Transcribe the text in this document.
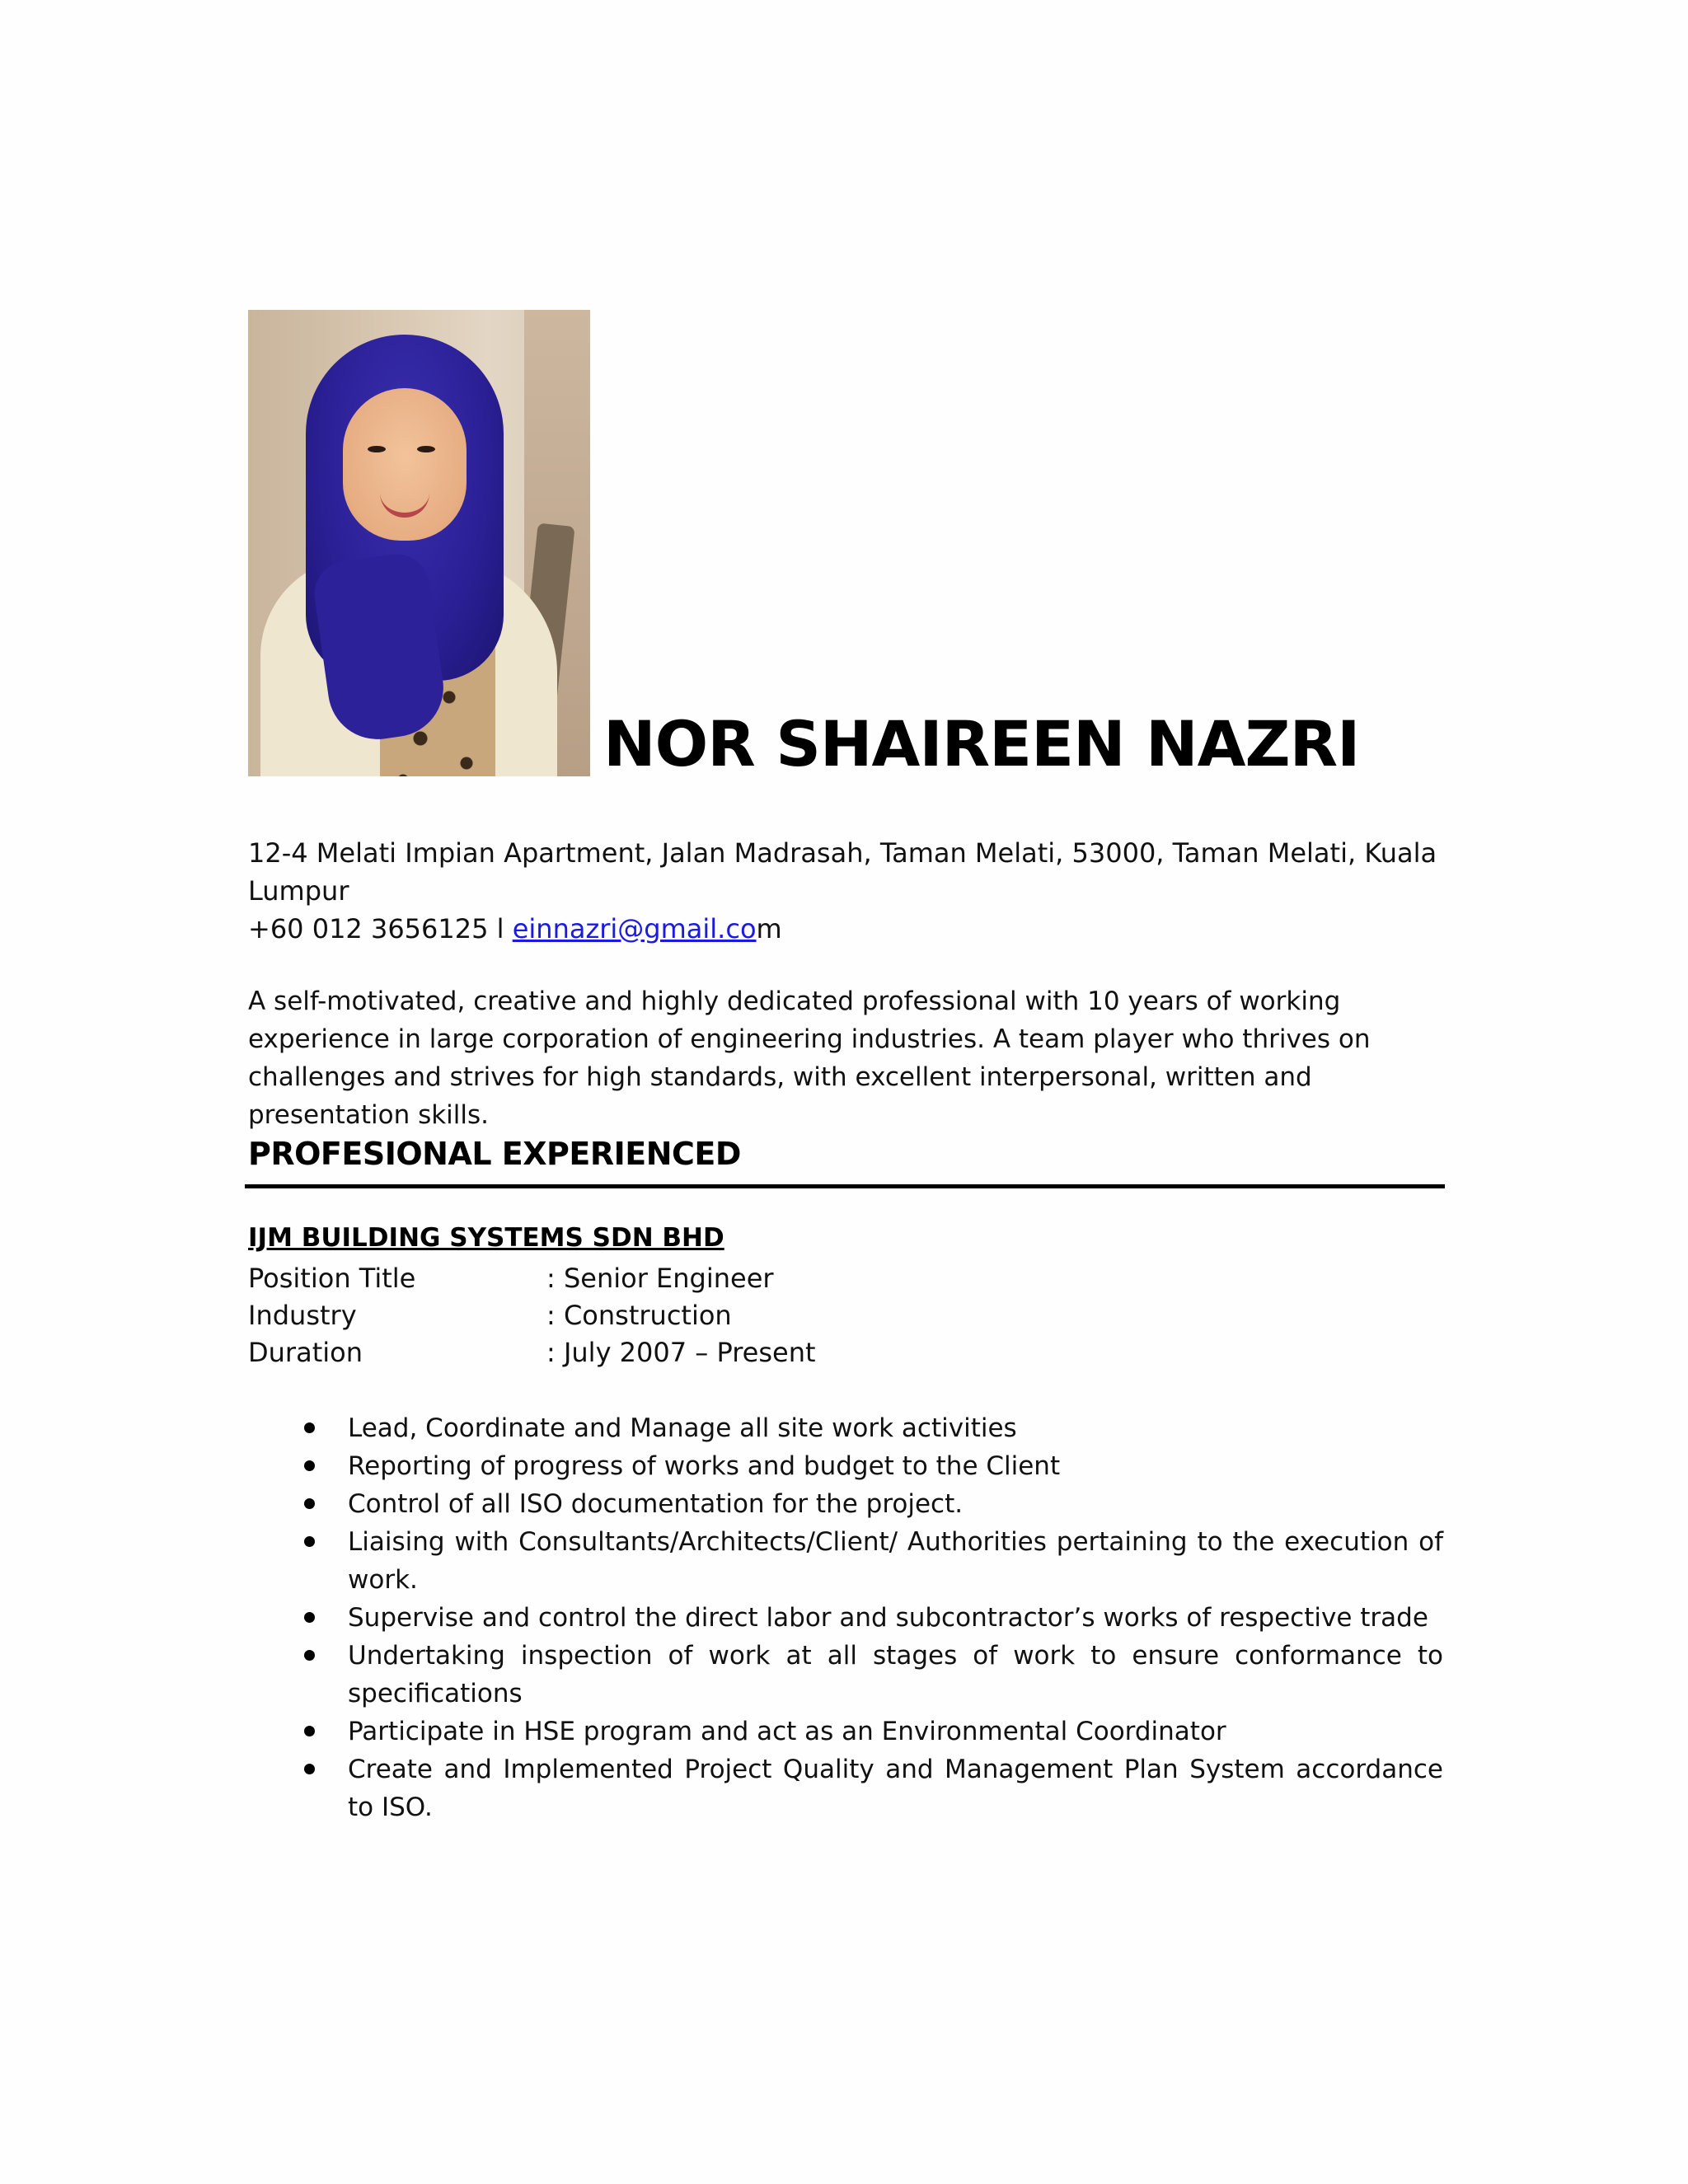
NOR SHAIREEN NAZRI
12-4 Melati Impian Apartment, Jalan Madrasah, Taman Melati, 53000, Taman Melati, Kuala Lumpur
+60 012 3656125 l einnazri@gmail.com
A self-motivated, creative and highly dedicated professional with 10 years of working experience in large corporation of engineering industries. A team player who thrives on challenges and strives for high standards, with excellent interpersonal, written and presentation skills.
PROFESIONAL EXPERIENCED
IJM BUILDING SYSTEMS SDN BHD
Position Title	: Senior Engineer
Industry	: Construction
Duration	: July 2007 – Present
Lead, Coordinate and Manage all site work activities
Reporting of progress of works and budget to the Client
Control of all ISO documentation for the project.
Liaising with Consultants/Architects/Client/ Authorities pertaining to the execution of work.
Supervise and control the direct labor and subcontractor’s works of respective trade
Undertaking inspection of work at all stages of work to ensure conformance to specifications
Participate in HSE program and act as an Environmental Coordinator
Create and Implemented Project Quality and Management Plan System accordance to ISO.
